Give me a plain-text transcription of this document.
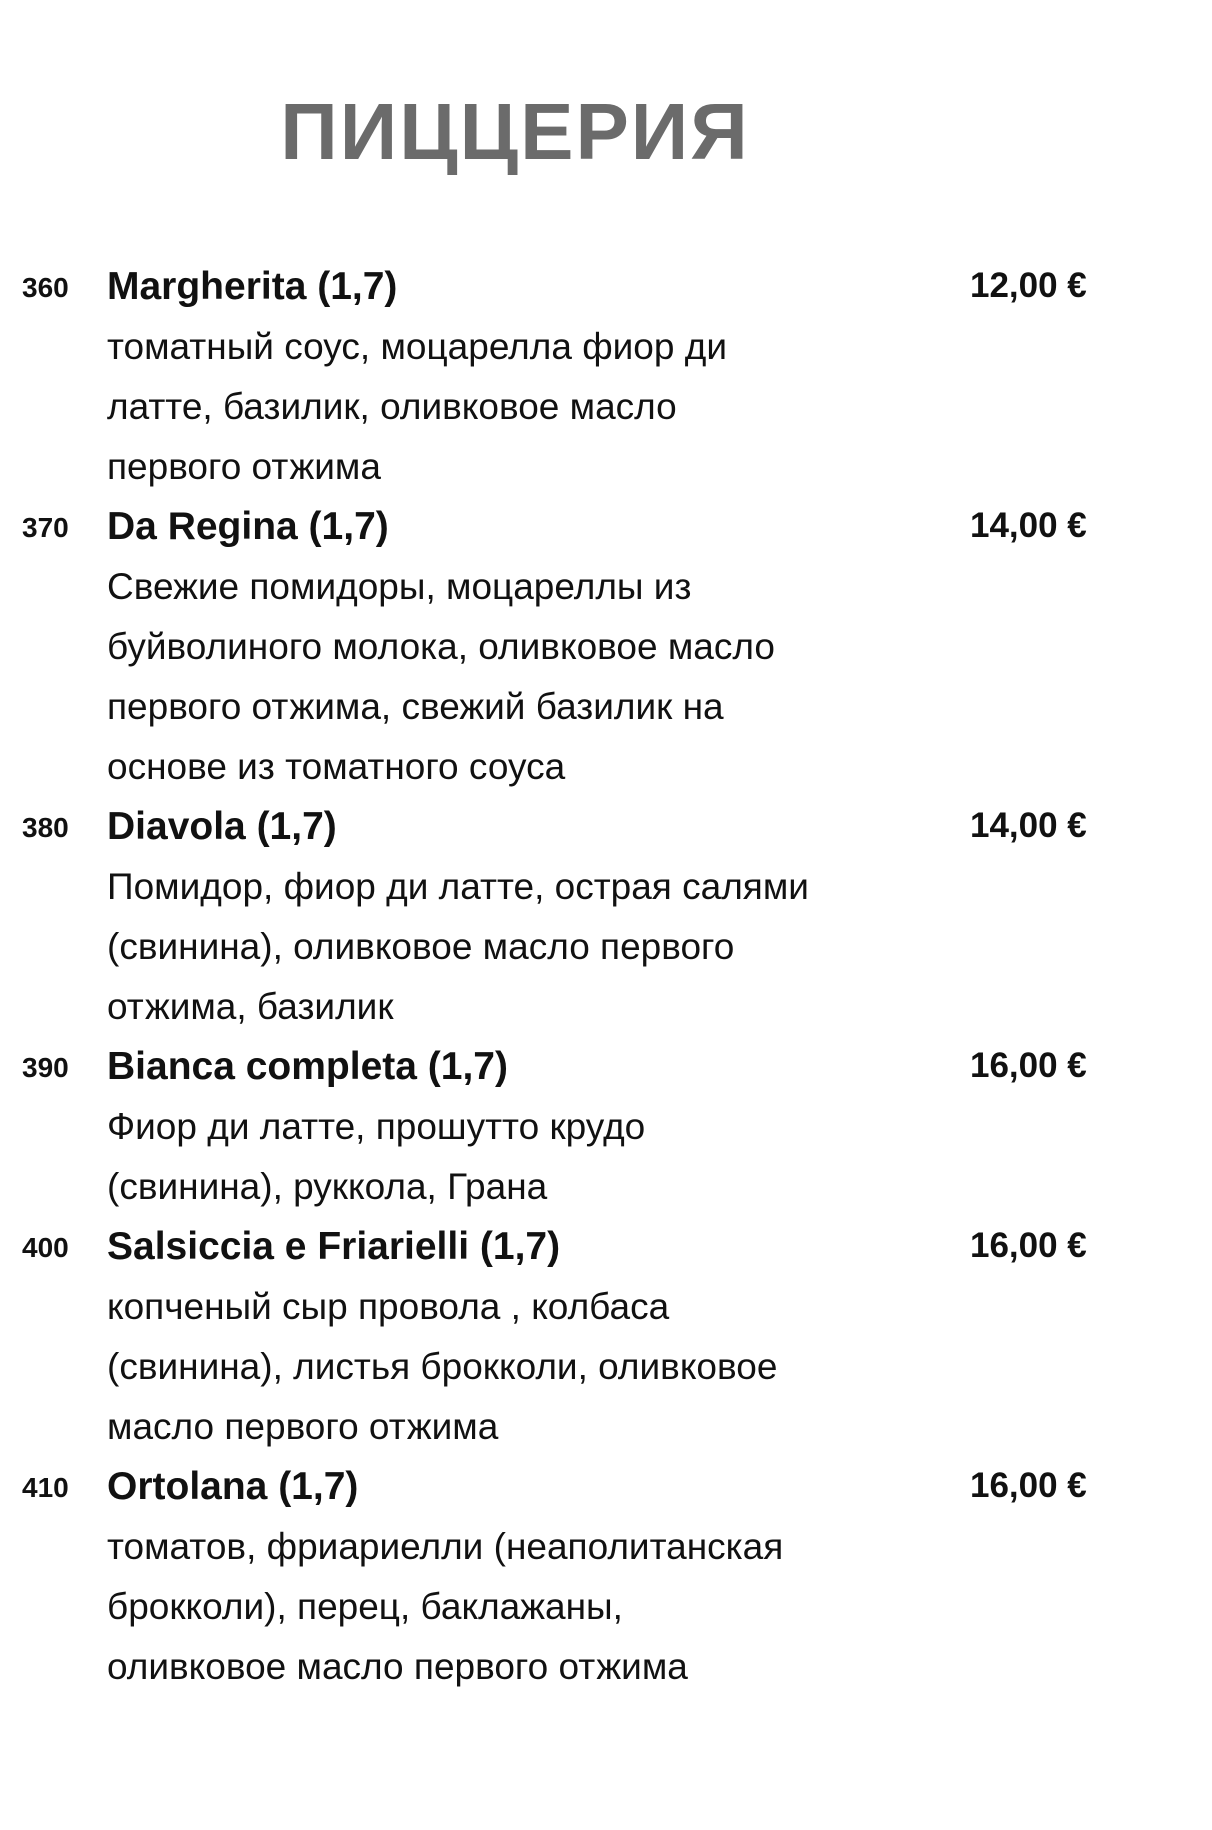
ПИЦЦЕРИЯ
360 Margherita (1,7)	12,00 €
томатный соус, моцарелла фиор ди
латте, базилик, оливковое масло
первого отжима
370 Da Regina (1,7)	14,00 €
Свежие помидоры, моцареллы из
буйволиного молока, оливковое масло
первого отжима, свежий базилик на
основе из томатного соуса
380 Diavola (1,7)	14,00 €
Помидор, фиор ди латте, острая салями
(свинина), оливковое масло первого
отжима, базилик
390 Bianca completa (1,7)	16,00 €
Фиор ди латте, прошутто крудо
(свинина), руккола, Грана
400 Salsiccia e Friarielli (1,7)	16,00 €
копченый сыр провола , колбаса
(свинина), листья брокколи, оливковое
масло первого отжима
410 Ortolana (1,7)	16,00 €
томатов, фриариелли (неаполитанская
брокколи), перец, баклажаны,
оливковое масло первого отжима
